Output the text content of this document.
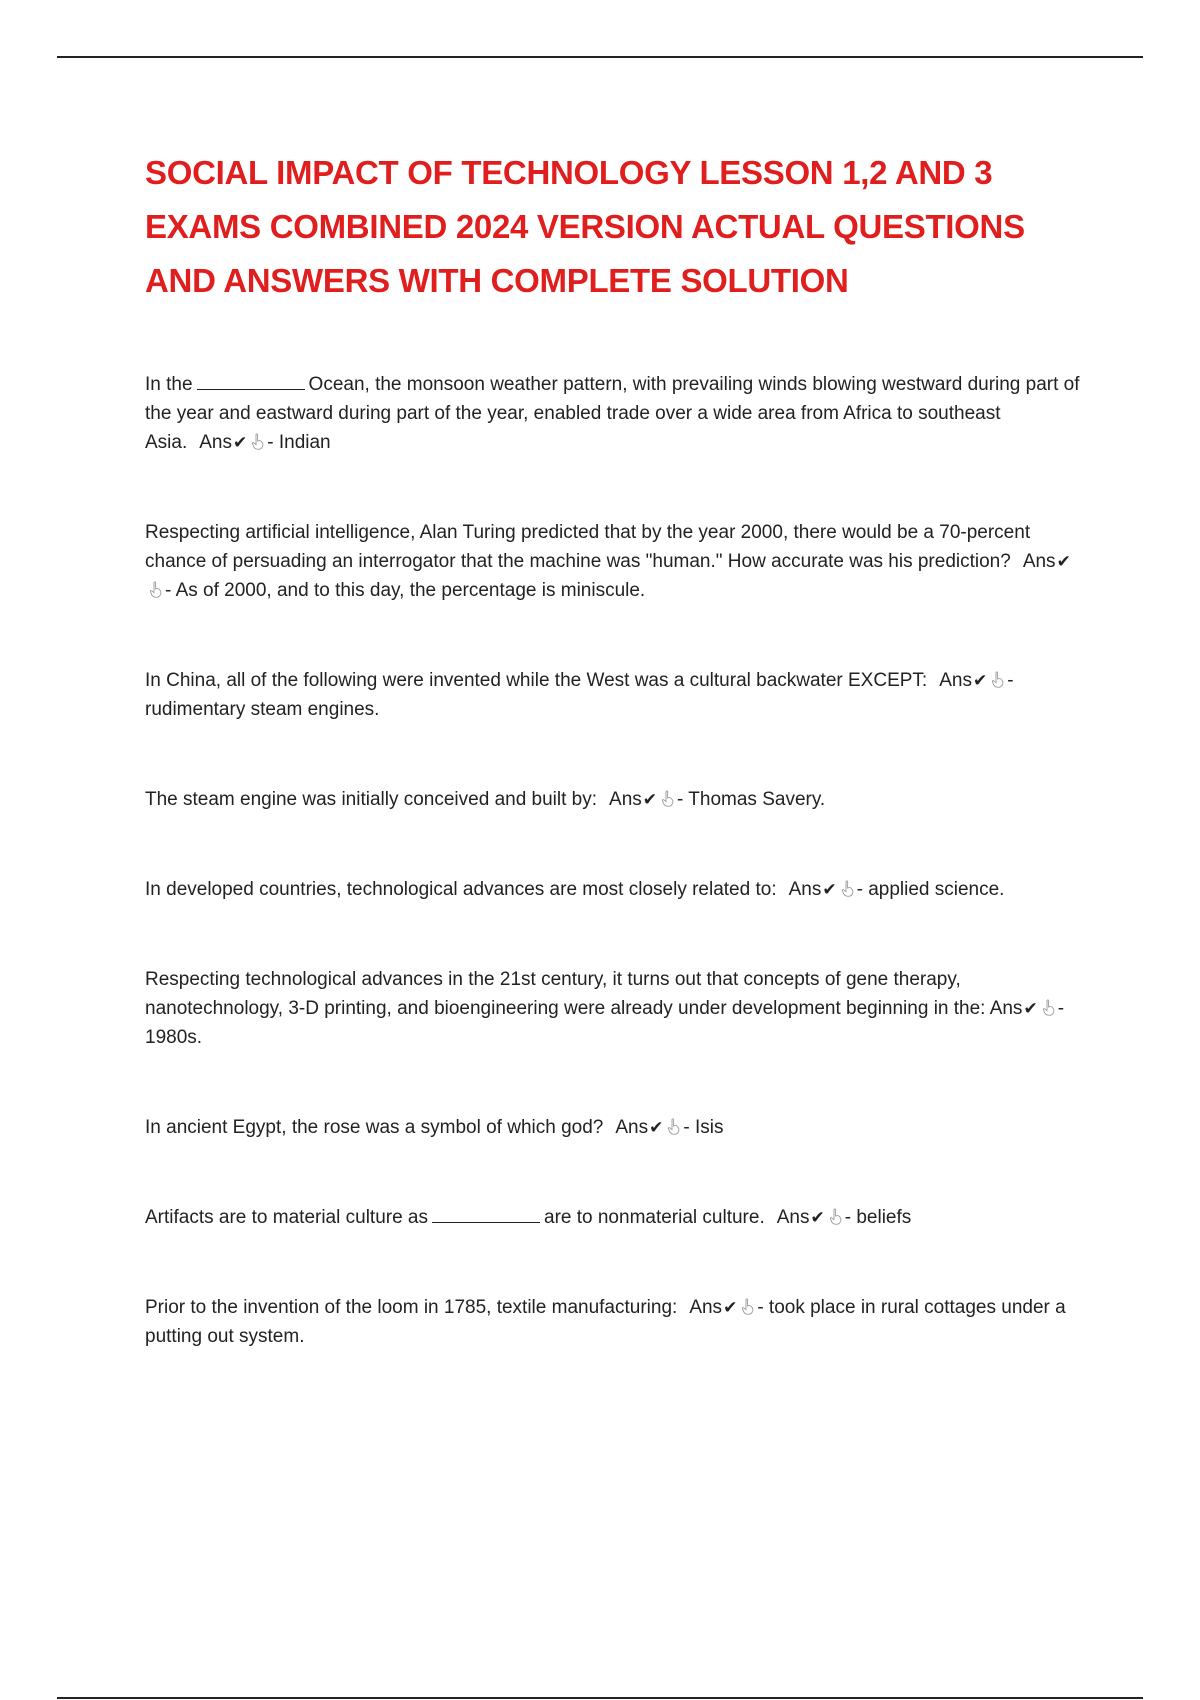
SOCIAL IMPACT OF TECHNOLOGY LESSON 1,2 AND 3 EXAMS COMBINED 2024 VERSION ACTUAL QUESTIONS AND ANSWERS WITH COMPLETE SOLUTION

In the	Ocean, the monsoon weather pattern, with prevailing winds blowing westward during part of the year and eastward during part of the year, enabled trade over a wide area from Africa to southeast Asia. Ans✔ - Indian

Respecting artificial intelligence, Alan Turing predicted that by the year 2000, there would be a 70-percent chance of persuading an interrogator that the machine was "human." How accurate was his prediction? Ans✔
- As of 2000, and to this day, the percentage is miniscule.

In China, all of the following were invented while the West was a cultural backwater EXCEPT: Ans✔ - rudimentary steam engines.

The steam engine was initially conceived and built by: Ans✔ - Thomas Savery.

In developed countries, technological advances are most closely related to: Ans✔ - applied science.

Respecting technological advances in the 21st century, it turns out that concepts of gene therapy, nanotechnology, 3-D printing, and bioengineering were already under development beginning in the: Ans✔ - 1980s.

In ancient Egypt, the rose was a symbol of which god? Ans✔ - Isis

Artifacts are to material culture as	are to nonmaterial culture. Ans✔ - beliefs

Prior to the invention of the loom in 1785, textile manufacturing: Ans✔ - took place in rural cottages under a putting out system.
